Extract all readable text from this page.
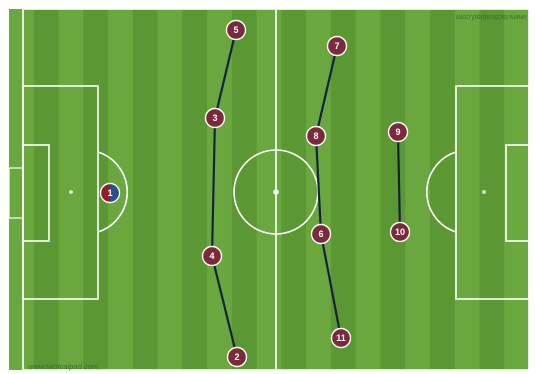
www.tacticalpad.com
www.tacticalpad.com
1
2
3
4
5
6
7
8	9
10
11
